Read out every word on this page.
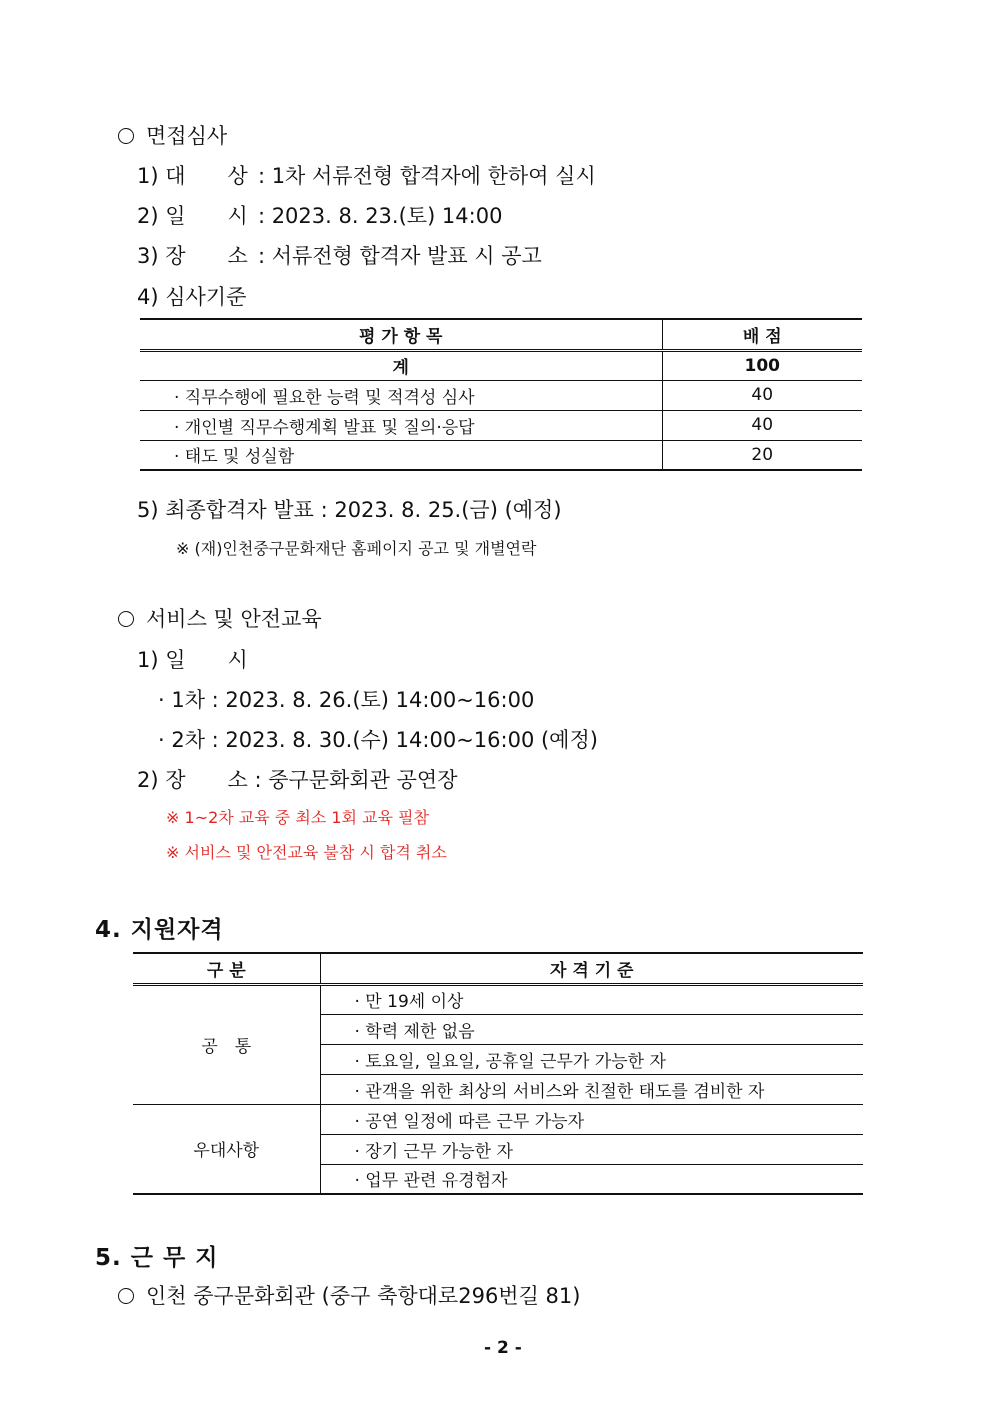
면접심사
1) 대　　상 : 1차 서류전형 합격자에 한하여 실시
2) 일　　시 : 2023. 8. 23.(토) 14:00
3) 장　　소 : 서류전형 합격자 발표 시 공고
4) 심사기준
평 가 항 목	배 점
계	100
· 직무수행에 필요한 능력 및 적격성 심사	40
· 개인별 직무수행계획 발표 및 질의·응답	40
· 태도 및 성실함	20
5) 최종합격자 발표 : 2023. 8. 25.(금) (예정)
※ (재)인천중구문화재단 홈페이지 공고 및 개별연락
서비스 및 안전교육
1) 일　　시
· 1차 : 2023. 8. 26.(토) 14:00~16:00
· 2차 : 2023. 8. 30.(수) 14:00~16:00 (예정)
2) 장　　소 : 중구문화회관 공연장
※ 1~2차 교육 중 최소 1회 교육 필참
※ 서비스 및 안전교육 불참 시 합격 취소
4. 지원자격
구 분	자 격 기 준
공　통	· 만 19세 이상
	· 학력 제한 없음
	· 토요일, 일요일, 공휴일 근무가 가능한 자
	· 관객을 위한 최상의 서비스와 친절한 태도를 겸비한 자
우대사항	· 공연 일정에 따른 근무 가능자
	· 장기 근무 가능한 자
	· 업무 관련 유경험자
5. 근 무 지
인천 중구문화회관 (중구 축항대로296번길 81)
- 2 -
